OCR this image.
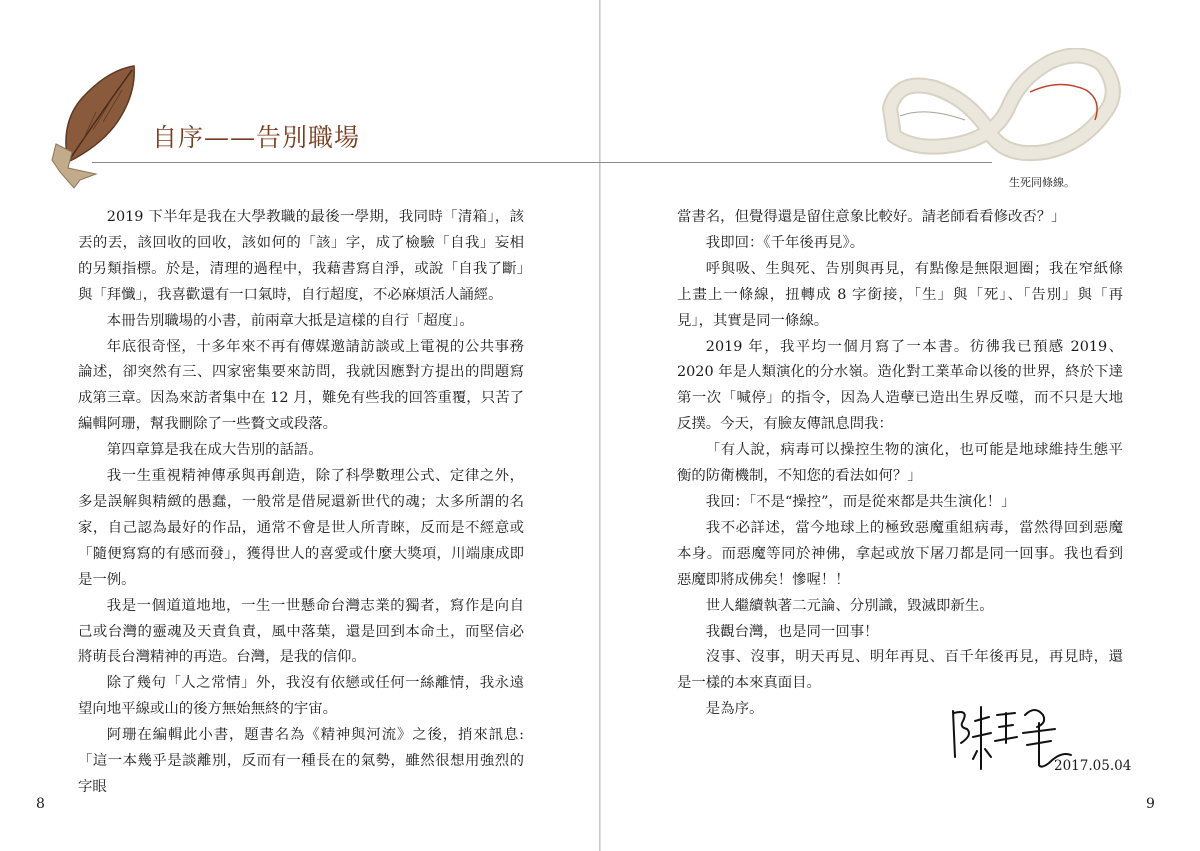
自序——告別職場

2019 下半年是我在大學教職的最後一學期，我同時「清箱」，該丟的丟，該回收的回收，該如何的「該」字，成了檢驗「自我」妄相的另類指標。於是，清理的過程中，我藉書寫自淨，或說「自我了斷」與「拜懺」，我喜歡還有一口氣時，自行超度，不必麻煩活人誦經。

本冊告別職場的小書，前兩章大抵是這樣的自行「超度」。

年底很奇怪，十多年來不再有傳媒邀請訪談或上電視的公共事務論述，卻突然有三、四家密集要來訪問，我就因應對方提出的問題寫成第三章。因為來訪者集中在 12 月，難免有些我的回答重覆，只苦了編輯阿珊，幫我刪除了一些贅文或段落。

第四章算是我在成大告別的話語。

我一生重視精神傳承與再創造，除了科學數理公式、定律之外，多是誤解與精緻的愚蠢，一般常是借屍還新世代的魂；太多所謂的名家，自己認為最好的作品，通常不會是世人所青睞，反而是不經意或「隨便寫寫的有感而發」，獲得世人的喜愛或什麼大獎項，川端康成即是一例。

我是一個道道地地，一生一世懸命台灣志業的獨者，寫作是向自己或台灣的靈魂及天責負責，風中落葉，還是回到本命土，而堅信必將萌長台灣精神的再造。台灣，是我的信仰。

除了幾句「人之常情」外，我沒有依戀或任何一絲離情，我永遠望向地平線或山的後方無始無終的宇宙。

阿珊在編輯此小書，題書名為《精神與河流》之後，捎來訊息:「這一本幾乎是談離別，反而有一種長在的氣勢，雖然很想用強烈的字眼

8
生死同條線。

當書名，但覺得還是留住意象比較好。請老師看看修改否？」

我即回：《千年後再見》。

呼與吸、生與死、告別與再見，有點像是無限迴圈；我在窄紙條上畫上一條線，扭轉成 8 字銜接，「生」與「死」、「告別」與「再見」，其實是同一條線。

2019 年，我平均一個月寫了一本書。彷彿我已預感 2019、2020 年是人類演化的分水嶺。造化對工業革命以後的世界，終於下達第一次「喊停」的指令，因為人造孽已造出生界反噬，而不只是大地反撲。今天，有臉友傳訊息問我：

「有人說，病毒可以操控生物的演化，也可能是地球維持生態平衡的防衛機制，不知您的看法如何？」

我回：「不是“操控”，而是從來都是共生演化！」

我不必詳述，當今地球上的極致惡魔重組病毒，當然得回到惡魔本身。而惡魔等同於神佛，拿起或放下屠刀都是同一回事。我也看到惡魔即將成佛矣！慘喔！！

世人繼續執著二元論、分別識，毀滅即新生。

我觀台灣，也是同一回事！

沒事、沒事，明天再見、明年再見、百千年後再見，再見時，還是一樣的本來真面目。

是為序。

2017.05.04
9
